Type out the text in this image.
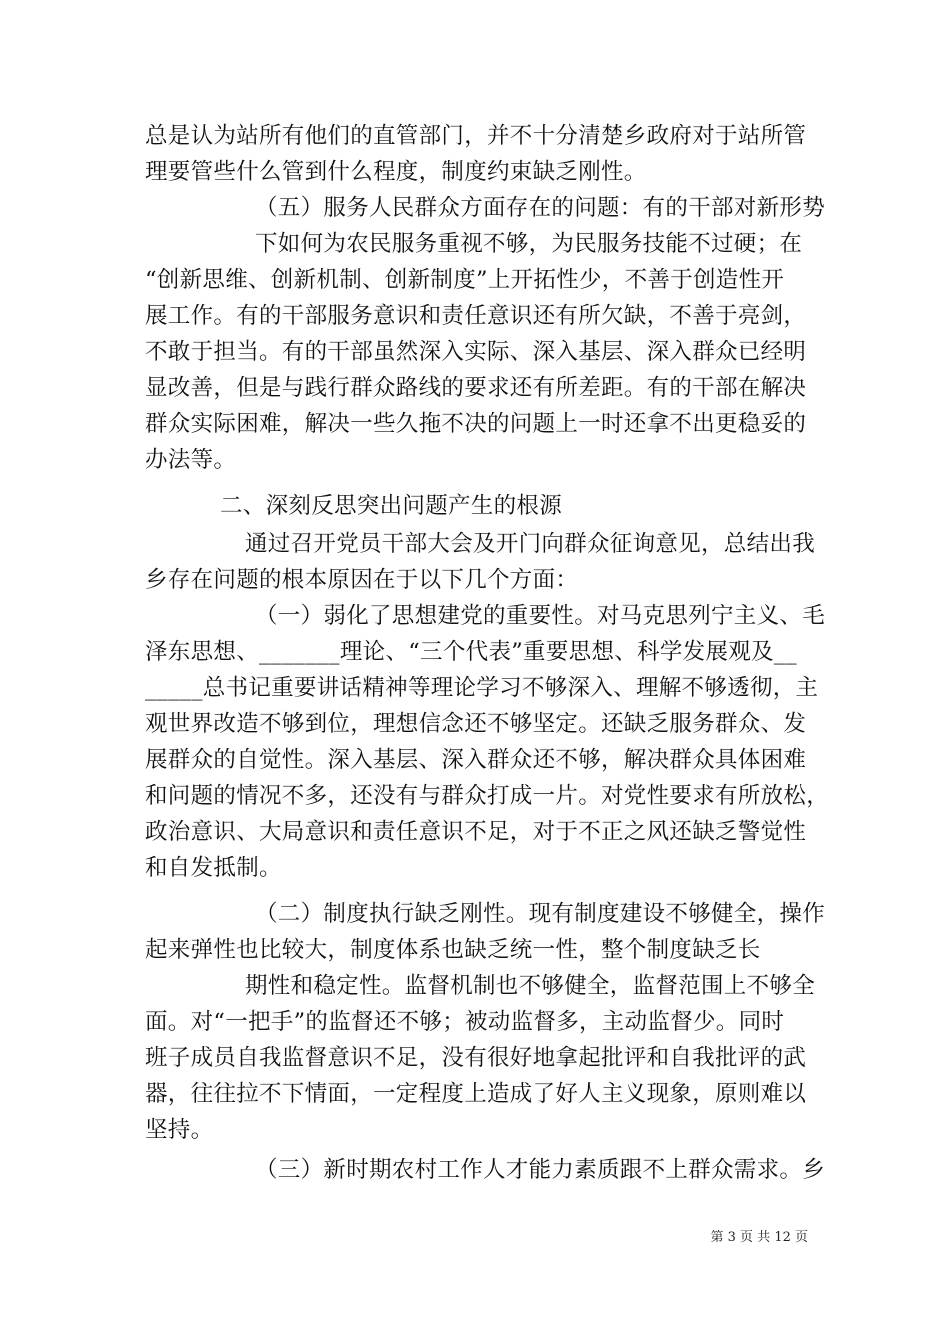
总是认为站所有他们的直管部门，并不十分清楚乡政府对于站所管
理要管些什么管到什么程度，制度约束缺乏刚性。
（五）服务人民群众方面存在的问题：有的干部对新形势
下如何为农民服务重视不够，为民服务技能不过硬；在
“创新思维、创新机制、创新制度”上开拓性少，不善于创造性开
展工作。有的干部服务意识和责任意识还有所欠缺，不善于亮剑，
不敢于担当。有的干部虽然深入实际、深入基层、深入群众已经明
显改善，但是与践行群众路线的要求还有所差距。有的干部在解决
群众实际困难，解决一些久拖不决的问题上一时还拿不出更稳妥的
办法等。
二、深刻反思突出问题产生的根源
通过召开党员干部大会及开门向群众征询意见，总结出我
乡存在问题的根本原因在于以下几个方面：
（一）弱化了思想建党的重要性。对马克思列宁主义、毛
泽东思想、_______理论、“三个代表”重要思想、科学发展观及__
_____总书记重要讲话精神等理论学习不够深入、理解不够透彻，主
观世界改造不够到位，理想信念还不够坚定。还缺乏服务群众、发
展群众的自觉性。深入基层、深入群众还不够，解决群众具体困难
和问题的情况不多，还没有与群众打成一片。对党性要求有所放松，
政治意识、大局意识和责任意识不足，对于不正之风还缺乏警觉性
和自发抵制。
（二）制度执行缺乏刚性。现有制度建设不够健全，操作
起来弹性也比较大，制度体系也缺乏统一性，整个制度缺乏长
期性和稳定性。监督机制也不够健全，监督范围上不够全
面。对“一把手”的监督还不够；被动监督多，主动监督少。同时
班子成员自我监督意识不足，没有很好地拿起批评和自我批评的武
器，往往拉不下情面，一定程度上造成了好人主义现象，原则难以
坚持。
（三）新时期农村工作人才能力素质跟不上群众需求。乡
第 3 页 共 12 页
